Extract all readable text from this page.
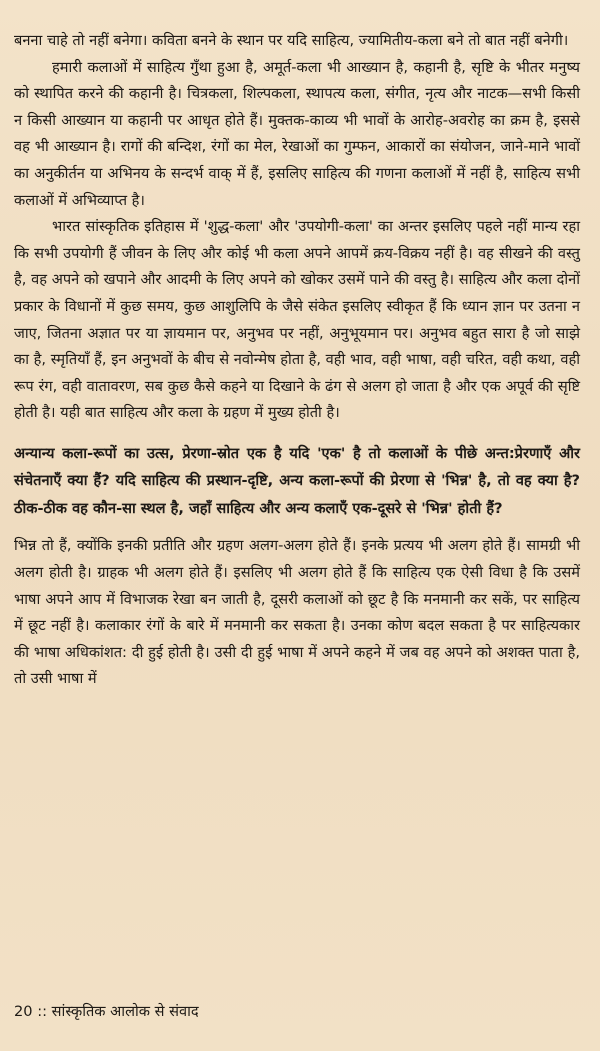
बनना चाहे तो नहीं बनेगा। कविता बनने के स्थान पर यदि साहित्य, ज्यामितीय-कला बने तो बात नहीं बनेगी।

हमारी कलाओं में साहित्य गुँथा हुआ है, अमूर्त-कला भी आख्यान है, कहानी है, सृष्टि के भीतर मनुष्य को स्थापित करने की कहानी है। चित्रकला, शिल्पकला, स्थापत्य कला, संगीत, नृत्य और नाटक—सभी किसी न किसी आख्यान या कहानी पर आधृत होते हैं। मुक्तक-काव्य भी भावों के आरोह-अवरोह का क्रम है, इससे वह भी आख्यान है। रागों की बन्दिश, रंगों का मेल, रेखाओं का गुम्फन, आकारों का संयोजन, जाने-माने भावों का अनुकीर्तन या अभिनय के सन्दर्भ वाक् में हैं, इसलिए साहित्य की गणना कलाओं में नहीं है, साहित्य सभी कलाओं में अभिव्याप्त है।

भारत सांस्कृतिक इतिहास में 'शुद्ध-कला' और 'उपयोगी-कला' का अन्तर इसलिए पहले नहीं मान्य रहा कि सभी उपयोगी हैं जीवन के लिए और कोई भी कला अपने आपमें क्रय-विक्रय नहीं है। वह सीखने की वस्तु है, वह अपने को खपाने और आदमी के लिए अपने को खोकर उसमें पाने की वस्तु है। साहित्य और कला दोनों प्रकार के विधानों में कुछ समय, कुछ आशुलिपि के जैसे संकेत इसलिए स्वीकृत हैं कि ध्यान ज्ञान पर उतना न जाए, जितना अज्ञात पर या ज्ञायमान पर, अनुभव पर नहीं, अनुभूयमान पर। अनुभव बहुत सारा है जो साझे का है, स्मृतियाँ हैं, इन अनुभवों के बीच से नवोन्मेष होता है, वही भाव, वही भाषा, वही चरित, वही कथा, वही रूप रंग, वही वातावरण, सब कुछ कैसे कहने या दिखाने के ढंग से अलग हो जाता है और एक अपूर्व की सृष्टि होती है। यही बात साहित्य और कला के ग्रहण में मुख्य होती है।

अन्यान्य कला-रूपों का उत्स, प्रेरणा-स्रोत एक है यदि 'एक' है तो कलाओं के पीछे अन्त:प्रेरणाएँ और संचेतनाएँ क्या हैं? यदि साहित्य की प्रस्थान-दृष्टि, अन्य कला-रूपों की प्रेरणा से 'भिन्न' है, तो वह क्या है? ठीक-ठीक वह कौन-सा स्थल है, जहाँ साहित्य और अन्य कलाएँ एक-दूसरे से 'भिन्न' होती हैं?

भिन्न तो हैं, क्योंकि इनकी प्रतीति और ग्रहण अलग-अलग होते हैं। इनके प्रत्यय भी अलग होते हैं। सामग्री भी अलग होती है। ग्राहक भी अलग होते हैं। इसलिए भी अलग होते हैं कि साहित्य एक ऐसी विधा है कि उसमें भाषा अपने आप में विभाजक रेखा बन जाती है, दूसरी कलाओं को छूट है कि मनमानी कर सकें, पर साहित्य में छूट नहीं है। कलाकार रंगों के बारे में मनमानी कर सकता है। उनका कोण बदल सकता है पर साहित्यकार की भाषा अधिकांशत: दी हुई होती है। उसी दी हुई भाषा में अपने कहने में जब वह अपने को अशक्त पाता है, तो उसी भाषा में

20 :: सांस्कृतिक आलोक से संवाद
